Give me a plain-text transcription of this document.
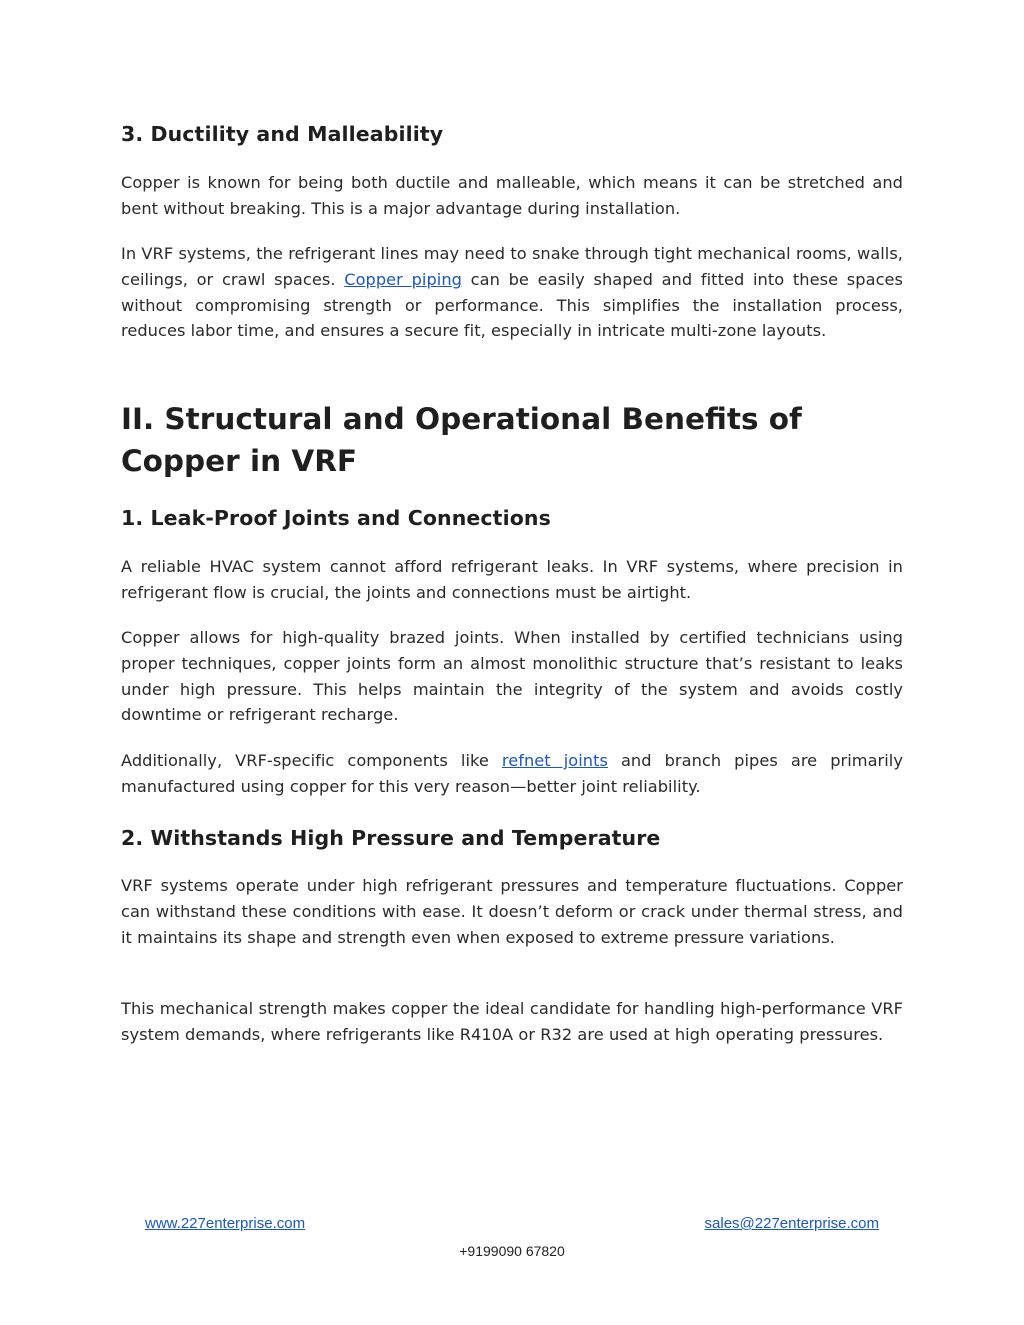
3. Ductility and Malleability

Copper is known for being both ductile and malleable, which means it can be stretched and bent without breaking. This is a major advantage during installation.

In VRF systems, the refrigerant lines may need to snake through tight mechanical rooms, walls, ceilings, or crawl spaces. Copper piping can be easily shaped and fitted into these spaces without compromising strength or performance. This simplifies the installation process, reduces labor time, and ensures a secure fit, especially in intricate multi-zone layouts.

II. Structural and Operational Benefits of Copper in VRF
1. Leak-Proof Joints and Connections

A reliable HVAC system cannot afford refrigerant leaks. In VRF systems, where precision in refrigerant flow is crucial, the joints and connections must be airtight.

Copper allows for high-quality brazed joints. When installed by certified technicians using proper techniques, copper joints form an almost monolithic structure that’s resistant to leaks under high pressure. This helps maintain the integrity of the system and avoids costly downtime or refrigerant recharge.

Additionally, VRF-specific components like refnet joints and branch pipes are primarily manufactured using copper for this very reason—better joint reliability.

2. Withstands High Pressure and Temperature

VRF systems operate under high refrigerant pressures and temperature fluctuations. Copper can withstand these conditions with ease. It doesn’t deform or crack under thermal stress, and it maintains its shape and strength even when exposed to extreme pressure variations.

This mechanical strength makes copper the ideal candidate for handling high-performance VRF system demands, where refrigerants like R410A or R32 are used at high operating pressures.

www.227enterprise.com	sales@227enterprise.com
+9199090 67820
